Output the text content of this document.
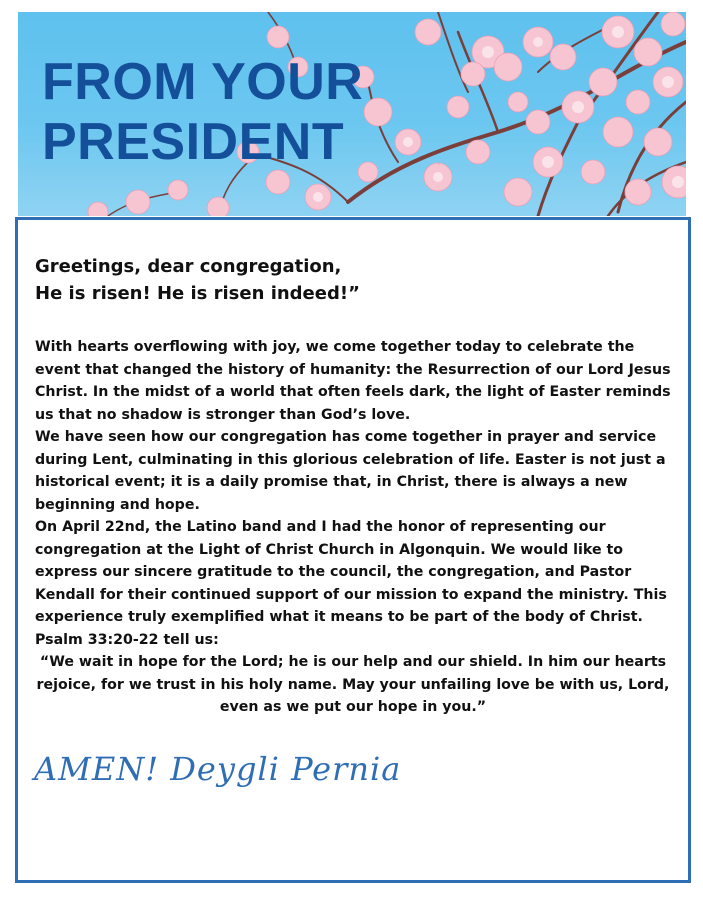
FROM YOUR
PRESIDENT
Greetings, dear congregation,
He is risen! He is risen indeed!”

With hearts overflowing with joy, we come together today to celebrate the event that changed the history of humanity: the Resurrection of our Lord Jesus Christ. In the midst of a world that often feels dark, the light of Easter reminds us that no shadow is stronger than God’s love.

We have seen how our congregation has come together in prayer and service during Lent, culminating in this glorious celebration of life. Easter is not just a historical event; it is a daily promise that, in Christ, there is always a new beginning and hope.

On April 22nd, the Latino band and I had the honor of representing our congregation at the Light of Christ Church in Algonquin. We would like to express our sincere gratitude to the council, the congregation, and Pastor Kendall for their continued support of our mission to expand the ministry. This experience truly exemplified what it means to be part of the body of Christ. Psalm 33:20-22 tell us:

“We wait in hope for the Lord; he is our help and our shield. In him our hearts rejoice, for we trust in his holy name. May your unfailing love be with us, Lord, even as we put our hope in you.”

AMEN! Deygli Pernia
